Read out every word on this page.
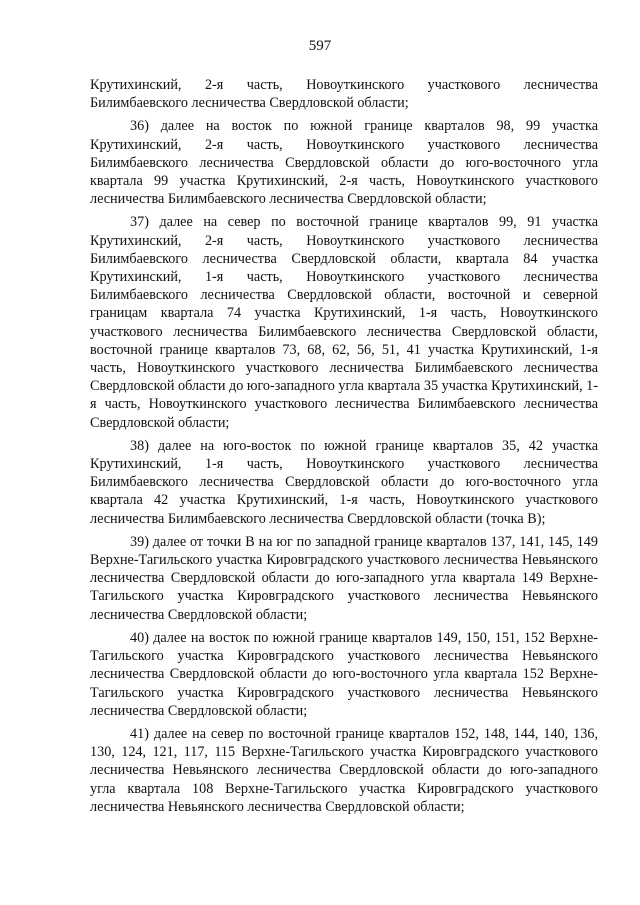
597

Крутихинский, 2-я часть, Новоуткинского участкового лесничества Билимбаевского лесничества Свердловской области;

36) далее на восток по южной границе кварталов 98, 99 участка Крутихинский, 2-я часть, Новоуткинского участкового лесничества Билимбаевского лесничества Свердловской области до юго-восточного угла квартала 99 участка Крутихинский, 2-я часть, Новоуткинского участкового лесничества Билимбаевского лесничества Свердловской области;

37) далее на север по восточной границе кварталов 99, 91 участка Крутихинский, 2-я часть, Новоуткинского участкового лесничества Билимбаевского лесничества Свердловской области, квартала 84 участка Крутихинский, 1-я часть, Новоуткинского участкового лесничества Билимбаевского лесничества Свердловской области, восточной и северной границам квартала 74 участка Крутихинский, 1-я часть, Новоуткинского участкового лесничества Билимбаевского лесничества Свердловской области, восточной границе кварталов 73, 68, 62, 56, 51, 41 участка Крутихинский, 1-я часть, Новоуткинского участкового лесничества Билимбаевского лесничества Свердловской области до юго-западного угла квартала 35 участка Крутихинский, 1-я часть, Новоуткинского участкового лесничества Билимбаевского лесничества Свердловской области;

38) далее на юго-восток по южной границе кварталов 35, 42 участка Крутихинский, 1-я часть, Новоуткинского участкового лесничества Билимбаевского лесничества Свердловской области до юго-восточного угла квартала 42 участка Крутихинский, 1-я часть, Новоуткинского участкового лесничества Билимбаевского лесничества Свердловской области (точка В);

39) далее от точки В на юг по западной границе кварталов 137, 141, 145, 149 Верхне-Тагильского участка Кировградского участкового лесничества Невьянского лесничества Свердловской области до юго-западного угла квартала 149 Верхне-Тагильского участка Кировградского участкового лесничества Невьянского лесничества Свердловской области;

40) далее на восток по южной границе кварталов 149, 150, 151, 152 Верхне-Тагильского участка Кировградского участкового лесничества Невьянского лесничества Свердловской области до юго-восточного угла квартала 152 Верхне-Тагильского участка Кировградского участкового лесничества Невьянского лесничества Свердловской области;

41) далее на север по восточной границе кварталов 152, 148, 144, 140, 136, 130, 124, 121, 117, 115 Верхне-Тагильского участка Кировградского участкового лесничества Невьянского лесничества Свердловской области до юго-западного угла квартала 108 Верхне-Тагильского участка Кировградского участкового лесничества Невьянского лесничества Свердловской области;
